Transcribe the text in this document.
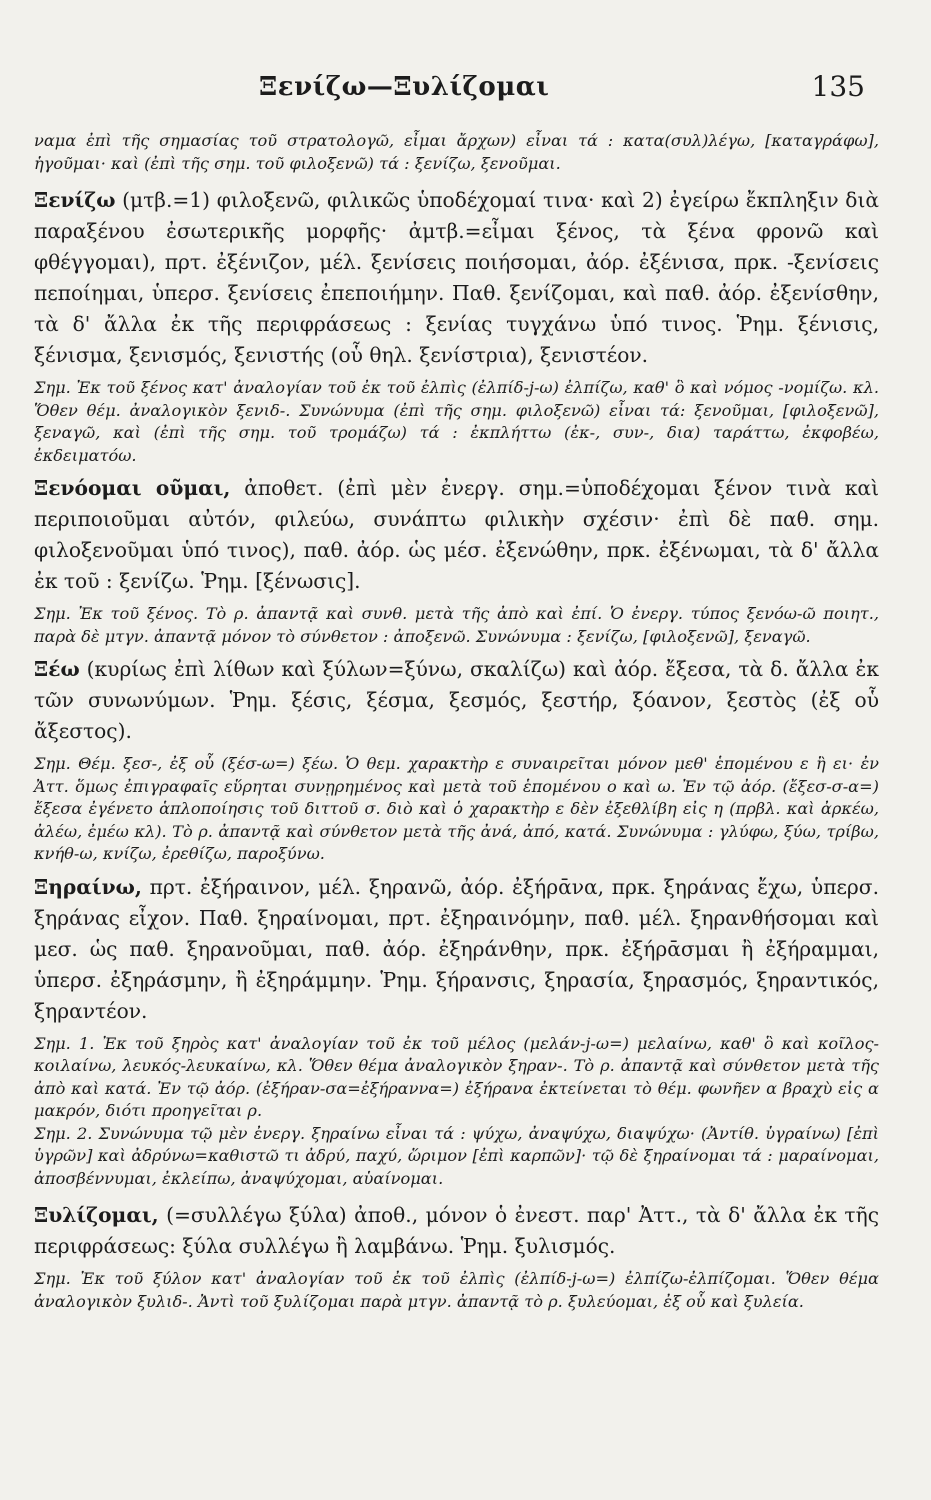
Ξενίζω—Ξυλίζομαι	135

ναμα ἐπὶ τῆς σημασίας τοῦ στρατολογῶ, εἶμαι ἄρχων) εἶναι τά : κατα(συλ)λέγω, [καταγράφω], ἡγοῦμαι· καὶ (ἐπὶ τῆς σημ. τοῦ φιλοξενῶ) τά : ξενίζω, ξενοῦμαι.

Ξενίζω (μτβ.=1) φιλοξενῶ, φιλικῶς ὑποδέχομαί τινα· καὶ 2) ἐγείρω ἔκπληξιν διὰ παραξένου ἐσωτερικῆς μορφῆς· ἀμτβ.=εἶμαι ξένος, τὰ ξένα φρονῶ καὶ φθέγγομαι), πρτ. ἐξένιζον, μέλ. ξενίσεις ποιήσομαι, ἀόρ. ἐξένισα, πρκ. -ξενίσεις πεποίημαι, ὑπερσ. ξενίσεις ἐπεποιήμην. Παθ. ξενίζομαι, καὶ παθ. ἀόρ. ἐξενίσθην, τὰ δ' ἄλλα ἐκ τῆς περιφράσεως : ξενίας τυγχάνω ὑπό τινος. Ῥημ. ξένισις, ξένισμα, ξενισμός, ξενιστής (οὗ θηλ. ξενίστρια), ξενιστέον.

Σημ. Ἐκ τοῦ ξένος κατ' ἀναλογίαν τοῦ ἐκ τοῦ ἐλπὶς (ἐλπίδ-j-ω) ἐλπίζω, καθ' ὃ καὶ νόμος -νομίζω. κλ. Ὅθεν θέμ. ἀναλογικὸν ξενιδ-. Συνώνυμα (ἐπὶ τῆς σημ. φιλοξενῶ) εἶναι τά: ξενοῦμαι, [φιλοξενῶ], ξεναγῶ, καὶ (ἐπὶ τῆς σημ. τοῦ τρομάζω) τά : ἐκπλήττω (ἐκ-, συν-, δια) ταράττω, ἐκφοβέω, ἐκδειματόω.

Ξενόομαι οῦμαι, ἀποθετ. (ἐπὶ μὲν ἐνεργ. σημ.=ὑποδέχομαι ξένον τινὰ καὶ περιποιοῦμαι αὐτόν, φιλεύω, συνάπτω φιλικὴν σχέσιν· ἐπὶ δὲ παθ. σημ. φιλοξενοῦμαι ὑπό τινος), παθ. ἀόρ. ὡς μέσ. ἐξενώθην, πρκ. ἐξένωμαι, τὰ δ' ἄλλα ἐκ τοῦ : ξενίζω. Ῥημ. [ξένωσις].

Σημ. Ἐκ τοῦ ξένος. Τὸ ρ. ἀπαντᾷ καὶ συνθ. μετὰ τῆς ἀπὸ καὶ ἐπί. Ὁ ἐνεργ. τύπος ξενόω-ῶ ποιητ., παρὰ δὲ μτγν. ἀπαντᾷ μόνον τὸ σύνθετον : ἀποξενῶ. Συνώνυμα : ξενίζω, [φιλοξενῶ], ξεναγῶ.

Ξέω (κυρίως ἐπὶ λίθων καὶ ξύλων=ξύνω, σκαλίζω) καὶ ἀόρ. ἔξεσα, τὰ δ. ἄλλα ἐκ τῶν συνωνύμων. Ῥημ. ξέσις, ξέσμα, ξεσμός, ξεστήρ, ξόανον, ξεστὸς (ἐξ οὗ ἄξεστος).

Σημ. Θέμ. ξεσ-, ἐξ οὗ (ξέσ-ω=) ξέω. Ὁ θεμ. χαρακτὴρ ε συναιρεῖται μόνον μεθ' ἑπομένου ε ἢ ει· ἐν Ἀττ. ὅμως ἐπιγραφαῖς εὕρηται συνῃρημένος καὶ μετὰ τοῦ ἑπομένου ο καὶ ω. Ἐν τῷ ἀόρ. (ἔξεσ-σ-α=) ἔξεσα ἐγένετο ἁπλοποίησις τοῦ διττοῦ σ. διὸ καὶ ὁ χαρακτὴρ ε δὲν ἐξεθλίβη εἰς η (πρβλ. καὶ ἀρκέω, ἀλέω, ἐμέω κλ). Τὸ ρ. ἀπαντᾷ καὶ σύνθετον μετὰ τῆς ἀνά, ἀπό, κατά. Συνώνυμα : γλύφω, ξύω, τρίβω, κνήθ-ω, κνίζω, ἐρεθίζω, παροξύνω.

Ξηραίνω, πρτ. ἐξήραινον, μέλ. ξηρανῶ, ἀόρ. ἐξήρᾱνα, πρκ. ξηράνας ἔχω, ὑπερσ. ξηράνας εἶχον. Παθ. ξηραίνομαι, πρτ. ἐξηραινόμην, παθ. μέλ. ξηρανθήσομαι καὶ μεσ. ὡς παθ. ξηρανοῦμαι, παθ. ἀόρ. ἐξηράνθην, πρκ. ἐξήρᾱσμαι ἢ ἐξήραμμαι, ὑπερσ. ἐξηράσμην, ἢ ἐξηράμμην. Ῥημ. ξήρανσις, ξηρασία, ξηρασμός, ξηραντικός, ξηραντέον.

Σημ. 1. Ἐκ τοῦ ξηρὸς κατ' ἀναλογίαν τοῦ ἐκ τοῦ μέλος (μελάν-j-ω=) μελαίνω, καθ' ὃ καὶ κοῖλος-κοιλαίνω, λευκός-λευκαίνω, κλ. Ὅθεν θέμα ἀναλογικὸν ξηραν-. Τὸ ρ. ἀπαντᾷ καὶ σύνθετον μετὰ τῆς ἀπὸ καὶ κατά. Ἐν τῷ ἀόρ. (ἐξήραν-σα=ἐξήραννα=) ἐξήρανα ἐκτείνεται τὸ θέμ. φωνῆεν α βραχὺ εἰς α μακρόν, διότι προηγεῖται ρ.

Σημ. 2. Συνώνυμα τῷ μὲν ἐνεργ. ξηραίνω εἶναι τά : ψύχω, ἀναψύχω, διαψύχω· (Ἀντίθ. ὑγραίνω) [ἐπὶ ὑγρῶν] καὶ ἀδρύνω=καθιστῶ τι ἀδρύ, παχύ, ὥριμον [ἐπὶ καρπῶν]· τῷ δὲ ξηραίνομαι τά : μαραίνομαι, ἀποσβέννυμαι, ἐκλείπω, ἀναψύχομαι, αὑαίνομαι.

Ξυλίζομαι, (=συλλέγω ξύλα) ἀποθ., μόνον ὁ ἐνεστ. παρ' Ἀττ., τὰ δ' ἄλλα ἐκ τῆς περιφράσεως: ξύλα συλλέγω ἢ λαμβάνω. Ῥημ. ξυλισμός.

Σημ. Ἐκ τοῦ ξύλον κατ' ἀναλογίαν τοῦ ἐκ τοῦ ἐλπὶς (ἐλπίδ-j-ω=) ἐλπίζω-ἐλπίζομαι. Ὅθεν θέμα ἀναλογικὸν ξυλιδ-. Ἀντὶ τοῦ ξυλίζομαι παρὰ μτγν. ἀπαντᾷ τὸ ρ. ξυλεύομαι, ἐξ οὗ καὶ ξυλεία.
